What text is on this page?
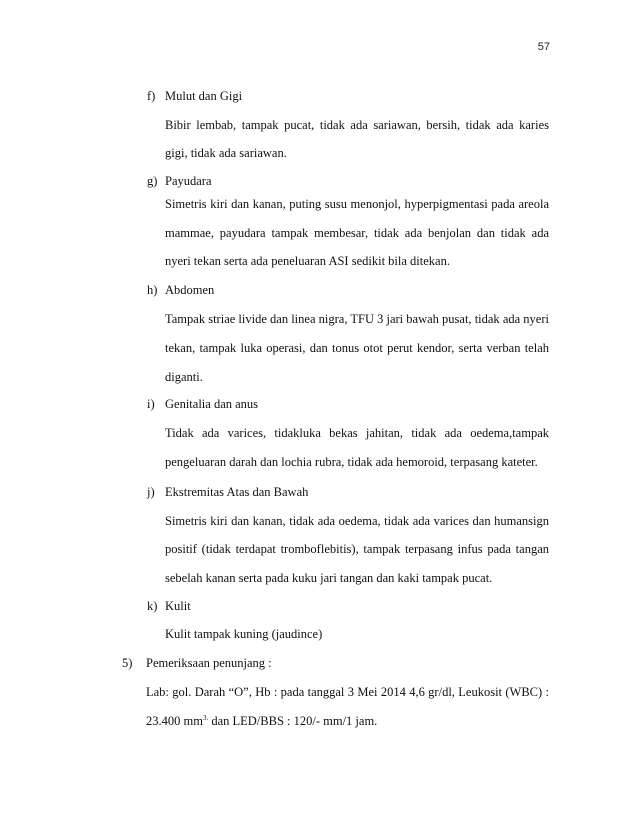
57

f) Mulut dan Gigi

Bibir lembab, tampak pucat, tidak ada sariawan, bersih, tidak ada karies

gigi, tidak ada sariawan.

g) Payudara

Simetris kiri dan kanan, puting susu menonjol, hyperpigmentasi pada areola

mammae, payudara tampak membesar, tidak ada benjolan dan tidak ada

nyeri tekan serta ada peneluaran ASI sedikit bila ditekan.

h) Abdomen

Tampak striae livide dan linea nigra, TFU 3 jari bawah pusat, tidak ada nyeri

tekan, tampak luka operasi, dan tonus otot perut kendor, serta verban telah

diganti.

i) Genitalia dan anus

Tidak ada varices, tidakluka bekas jahitan, tidak ada oedema,tampak

pengeluaran darah dan lochia rubra, tidak ada hemoroid, terpasang kateter.

j) Ekstremitas Atas dan Bawah

Simetris kiri dan kanan, tidak ada oedema, tidak ada varices dan humansign

positif (tidak terdapat tromboflebitis), tampak terpasang infus pada tangan

sebelah kanan serta pada kuku jari tangan dan kaki tampak pucat.

k) Kulit

Kulit tampak kuning (jaudince)

5) Pemeriksaan penunjang :

Lab: gol. Darah “O”, Hb : pada tanggal 3 Mei 2014 4,6 gr/dl, Leukosit (WBC) :

23.400 $mm^{3.}$ dan LED/BBS : 120/- mm/1 jam.
